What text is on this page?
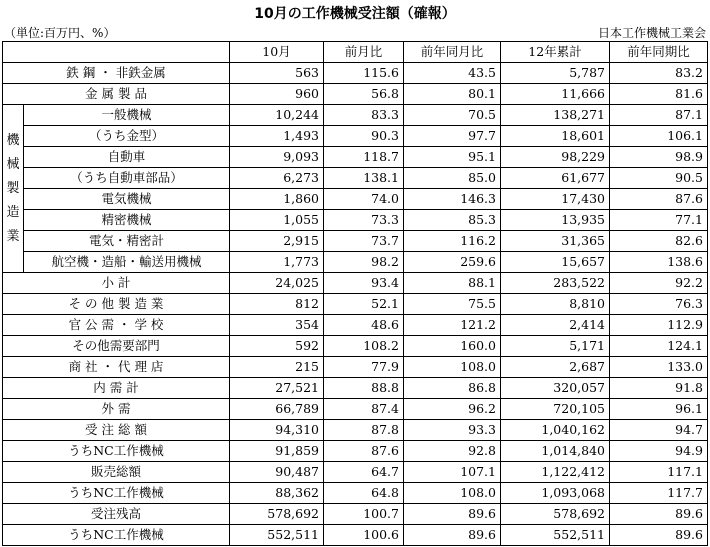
10月の工作機械受注額（確報）
（単位:百万円、%）	日本工作機械工業会
		10月	前月比	前年同月比	12年累計	前年同期比
鉄 鋼 ・ 非鉄金属		563	115.6	43.5	5,787	83.2
金 属 製 品		960	56.8	80.1	11,666	81.6

機
械
製
造
業	一般機械	10,244	83.3	70.5	138,271	87.1
	（うち金型）	1,493	90.3	97.7	18,601	106.1
	自動車	9,093	118.7	95.1	98,229	98.9
	（うち自動車部品）	6,273	138.1	85.0	61,677	90.5
	電気機械	1,860	74.0	146.3	17,430	87.6
	精密機械	1,055	73.3	85.3	13,935	77.1
	電気・精密計	2,915	73.7	116.2	31,365	82.6
	航空機・造船・輸送用機械	1,773	98.2	259.6	15,657	138.6
小 計		24,025	93.4	88.1	283,522	92.2
そ の 他 製 造 業		812	52.1	75.5	8,810	76.3
官 公 需 ・ 学 校		354	48.6	121.2	2,414	112.9
その他需要部門		592	108.2	160.0	5,171	124.1
商 社 ・ 代 理 店		215	77.9	108.0	2,687	133.0
内 需 計		27,521	88.8	86.8	320,057	91.8
外 需		66,789	87.4	96.2	720,105	96.1
受 注 総 額		94,310	87.8	93.3	1,040,162	94.7
うちNC工作機械		91,859	87.6	92.8	1,014,840	94.9
販売総額		90,487	64.7	107.1	1,122,412	117.1
うちNC工作機械		88,362	64.8	108.0	1,093,068	117.7
受注残高		578,692	100.7	89.6	578,692	89.6
うちNC工作機械		552,511	100.6	89.6	552,511	89.6
